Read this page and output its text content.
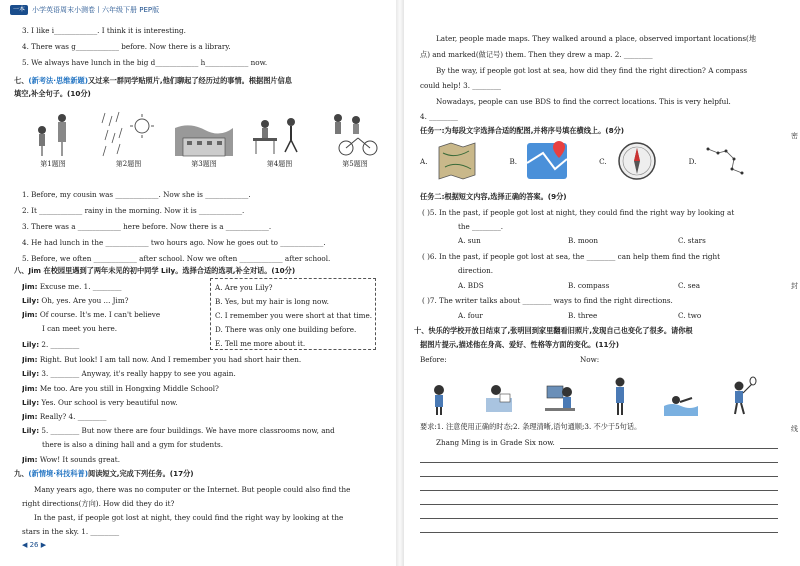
一本	小学英语周末小测卷丨六年级下册 PEP版
3. I like i____________. I think it is interesting.
4. There was g____________ before. Now there is a library.
5. We always have lunch in the big d____________ h____________ now.
七、(新考法·思维新题)又过来一群同学贴照片,他们聊起了经历过的事情。根据图片信息
填空,补全句子。(10分)
第1题图	第2题图	第3题图	第4题图	第5题图
1. Before, my cousin was ____________. Now she is ____________.
2. It ____________ rainy in the morning. Now it is ____________.
3. There was a ____________ here before. Now there is a ____________.
4. He had lunch in the ____________ two hours ago. Now he goes out to ____________.
5. Before, we often ____________ after school. Now we often ____________ after school.
八、Jim 在校园里遇到了两年未见的初中同学 Lily。选择合适的选项,补全对话。(10分)
A. Are you Lily?
B. Yes, but my hair is long now.
C. I remember you were short at that time.
D. There was only one building before.
E. Tell me more about it.
Jim: Excuse me. 1. ________
Lily: Oh, yes. Are you ... Jim?
Jim: Of course. It's me. I can't believe
I can meet you here.
Lily: 2. ________
Jim: Right. But look! I am tall now. And I remember you had short hair then.
Lily: 3. ________ Anyway, it's really happy to see you again.
Jim: Me too. Are you still in Hongxing Middle School?
Lily: Yes. Our school is very beautiful now.
Jim: Really? 4. ________
Lily: 5. ________ But now there are four buildings. We have more classrooms now, and
there is also a dining hall and a gym for students.
Jim: Wow! It sounds great.
九、(新情境·科技科普)阅读短文,完成下列任务。(17分)
Many years ago, there was no computer or the Internet. But people could also find the
right directions(方向). How did they do it?
In the past, if people got lost at night, they could find the right way by looking at the
stars in the sky. 1. ________
◀ 26 ▶
Later, people made maps. They walked around a place, observed important locations(地
点) and marked(做记号) them. Then they drew a map. 2. ________
By the way, if people got lost at sea, how did they find the right direction? A compass
could help! 3. ________
Nowadays, people can use BDS to find the correct locations. This is very helpful.
4. ________
任务一:为每段文字选择合适的配图,并将序号填在横线上。(8分)
A.	B.	C.	D.
任务二:根据短文内容,选择正确的答案。(9分)
( )5. In the past, if people got lost at night, they could find the right way by looking at
the ________.
A. sun	B. moon	C. stars
( )6. In the past, if people got lost at sea, the ________ can help them find the right
direction.
A. BDS	B. compass	C. sea
( )7. The writer talks about ________ ways to find the right directions.
A. four	B. three	C. two
十、快乐的学校开放日结束了,张明回到家里翻看旧照片,发现自己也变化了很多。请你根
据图片提示,描述他在身高、爱好、性格等方面的变化。(11分)
Before:	Now:
要求:1. 注意使用正确的时态;2. 条理清晰,语句通顺;3. 不少于5句话。
Zhang Ming is in Grade Six now.
密
封
线
